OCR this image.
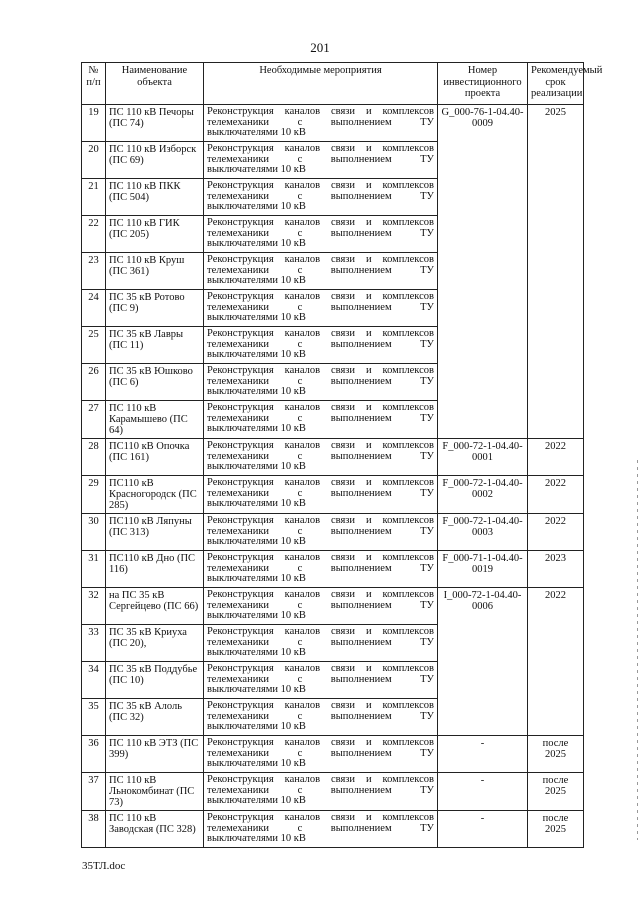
201
№ п/п	Наименование объекта	Необходимые мероприятия	Номер инвестиционного проекта	Рекомендуемый срок реализации
19	ПС 110 кВ Печоры (ПС 74)	Реконструкция каналов связи и комплексов
телемеханики с выполнением ТУ
выключателями 10 кВ	G_000-76-1-04.40-0009	2025
20	ПС 110 кВ Изборск (ПС 69)	Реконструкция каналов связи и комплексов
телемеханики с выполнением ТУ
выключателями 10 кВ		

21	ПС 110 кВ ПКК (ПС 504)	Реконструкция каналов связи и комплексов
телемеханики с выполнением ТУ
выключателями 10 кВ		

22	ПС 110 кВ ГИК (ПС 205)	Реконструкция каналов связи и комплексов
телемеханики с выполнением ТУ
выключателями 10 кВ		

23	ПС 110 кВ Круш (ПС 361)	Реконструкция каналов связи и комплексов
телемеханики с выполнением ТУ
выключателями 10 кВ		

24	ПС 35 кВ Ротово (ПС 9)	Реконструкция каналов связи и комплексов
телемеханики с выполнением ТУ
выключателями 10 кВ		

25	ПС 35 кВ Лавры (ПС 11)	Реконструкция каналов связи и комплексов
телемеханики с выполнением ТУ
выключателями 10 кВ		

26	ПС 35 кВ Юшково (ПС 6)	Реконструкция каналов связи и комплексов
телемеханики с выполнением ТУ
выключателями 10 кВ		

27	ПС 110 кВ Карамышево (ПС 64)	Реконструкция каналов связи и комплексов
телемеханики с выполнением ТУ
выключателями 10 кВ		

28	ПС110 кВ Опочка (ПС 161)	Реконструкция каналов связи и комплексов
телемеханики с выполнением ТУ
выключателями 10 кВ	F_000-72-1-04.40-0001	2022
29	ПС110 кВ Красногородск (ПС 285)	Реконструкция каналов связи и комплексов
телемеханики с выполнением ТУ
выключателями 10 кВ	F_000-72-1-04.40-0002	2022
30	ПС110 кВ Ляпуны (ПС 313)	Реконструкция каналов связи и комплексов
телемеханики с выполнением ТУ
выключателями 10 кВ	F_000-72-1-04.40-0003	2022
31	ПС110 кВ Дно (ПС 116)	Реконструкция каналов связи и комплексов
телемеханики с выполнением ТУ
выключателями 10 кВ	F_000-71-1-04.40-0019	2023
32	на ПС 35 кВ Сергейцево (ПС 66)	Реконструкция каналов связи и комплексов
телемеханики с выполнением ТУ
выключателями 10 кВ	I_000-72-1-04.40-0006	2022
33	ПС 35 кВ Криуха (ПС 20),	Реконструкция каналов связи и комплексов
телемеханики с выполнением ТУ
выключателями 10 кВ		

34	ПС 35 кВ Поддубье (ПС 10)	Реконструкция каналов связи и комплексов
телемеханики с выполнением ТУ
выключателями 10 кВ		

35	ПС 35 кВ Алоль (ПС 32)	Реконструкция каналов связи и комплексов
телемеханики с выполнением ТУ
выключателями 10 кВ		

36	ПС 110 кВ ЭТЗ (ПС 399)	Реконструкция каналов связи и комплексов
телемеханики с выполнением ТУ
выключателями 10 кВ	-	после 2025
37	ПС 110 кВ Льнокомбинат (ПС 73)	Реконструкция каналов связи и комплексов
телемеханики с выполнением ТУ
выключателями 10 кВ	-	после 2025
38	ПС 110 кВ Заводская (ПС 328)	Реконструкция каналов связи и комплексов
телемеханики с выполнением ТУ
выключателями 10 кВ	-	после 2025
35ТЛ.doc
